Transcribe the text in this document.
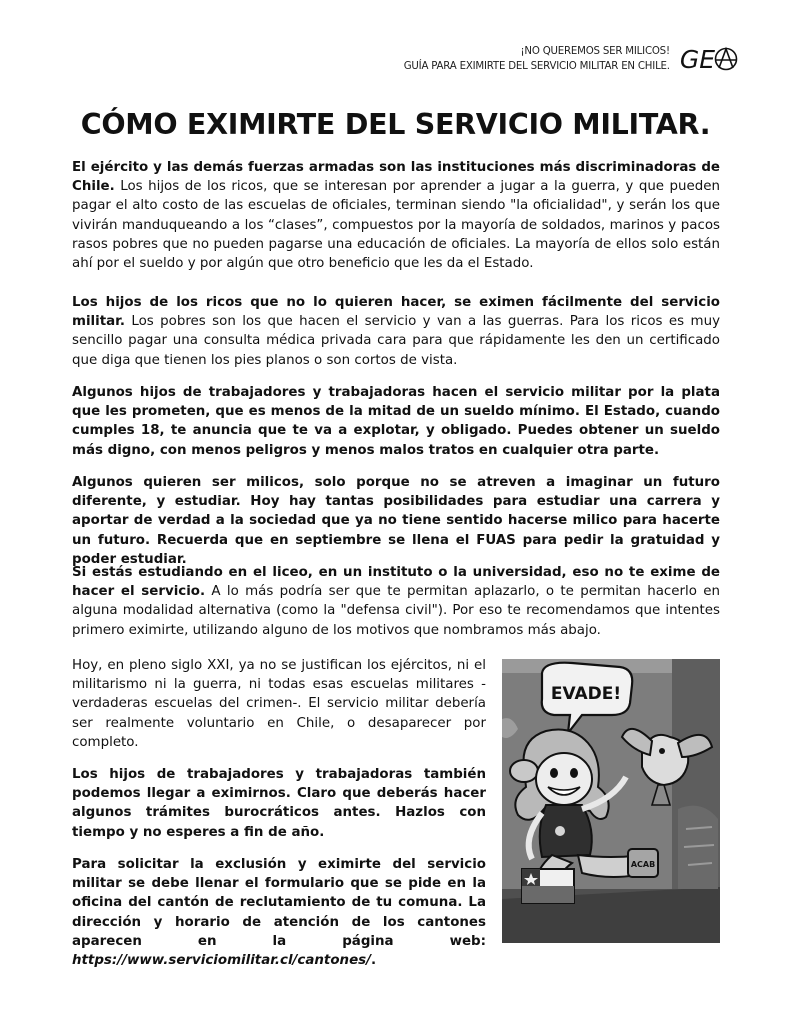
¡NO QUEREMOS SER MILICOS!
GUÍA PARA EXIMIRTE DEL SERVICIO MILITAR EN CHILE. GE
CÓMO EXIMIRTE DEL SERVICIO MILITAR.

El ejército y las demás fuerzas armadas son las instituciones más discriminadoras de Chile. Los hijos de los ricos, que se interesan por aprender a jugar a la guerra, y que pueden pagar el alto costo de las escuelas de oficiales, terminan siendo "la oficialidad", y serán los que vivirán manduqueando a los “clases”, compuestos por la mayoría de soldados, marinos y pacos rasos pobres que no pueden pagarse una educación de oficiales. La mayoría de ellos solo están ahí por el sueldo y por algún que otro beneficio que les da el Estado.

Los hijos de los ricos que no lo quieren hacer, se eximen fácilmente del servicio militar. Los pobres son los que hacen el servicio y van a las guerras. Para los ricos es muy sencillo pagar una consulta médica privada cara para que rápidamente les den un certificado que diga que tienen los pies planos o son cortos de vista.

Algunos hijos de trabajadores y trabajadoras hacen el servicio militar por la plata que les prometen, que es menos de la mitad de un sueldo mínimo. El Estado, cuando cumples 18, te anuncia que te va a explotar, y obligado. Puedes obtener un sueldo más digno, con menos peligros y menos malos tratos en cualquier otra parte.

Algunos quieren ser milicos, solo porque no se atreven a imaginar un futuro diferente, y estudiar. Hoy hay tantas posibilidades para estudiar una carrera y aportar de verdad a la sociedad que ya no tiene sentido hacerse milico para hacerte un futuro. Recuerda que en septiembre se llena el FUAS para pedir la gratuidad y poder estudiar.

Si estás estudiando en el liceo, en un instituto o la universidad, eso no te exime de hacer el servicio. A lo más podría ser que te permitan aplazarlo, o te permitan hacerlo en alguna modalidad alternativa (como la "defensa civil"). Por eso te recomendamos que intentes primero eximirte, utilizando alguno de los motivos que nombramos más abajo.

Hoy, en pleno siglo XXI, ya no se justifican los ejércitos, ni el militarismo ni la guerra, ni todas esas escuelas militares -verdaderas escuelas del crimen-. El servicio militar debería ser realmente voluntario en Chile, o desaparecer por completo.

Los hijos de trabajadores y trabajadoras también podemos llegar a eximirnos. Claro que deberás hacer algunos trámites burocráticos antes. Hazlos con tiempo y no esperes a fin de año.

Para solicitar la exclusión y eximirte del servicio militar se debe llenar el formulario que se pide en la oficina del cantón de reclutamiento de tu comuna. La dirección y horario de atención de los cantones aparecen en la página web: https://www.serviciomilitar.cl/cantones/.

EVADE!
ACAB
